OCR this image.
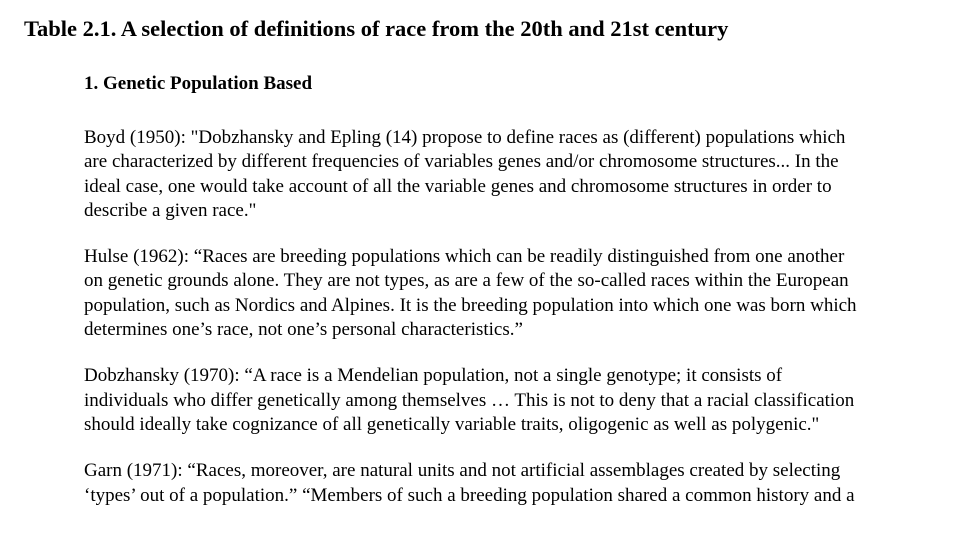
Table 2.1. A selection of definitions of race from the 20th and 21st century
1. Genetic Population Based

Boyd (1950): "Dobzhansky and Epling (14) propose to define races as (different) populations which
are characterized by different frequencies of variables genes and/or chromosome structures... In the
ideal case, one would take account of all the variable genes and chromosome structures in order to
describe a given race."

Hulse (1962): “Races are breeding populations which can be readily distinguished from one another
on genetic grounds alone. They are not types, as are a few of the so-called races within the European
population, such as Nordics and Alpines. It is the breeding population into which one was born which
determines one’s race, not one’s personal characteristics.”

Dobzhansky (1970): “A race is a Mendelian population, not a single genotype; it consists of
individuals who differ genetically among themselves … This is not to deny that a racial classification
should ideally take cognizance of all genetically variable traits, oligogenic as well as polygenic."

Garn (1971): “Races, moreover, are natural units and not artificial assemblages created by selecting
‘types’ out of a population.” “Members of such a breeding population shared a common history and a
